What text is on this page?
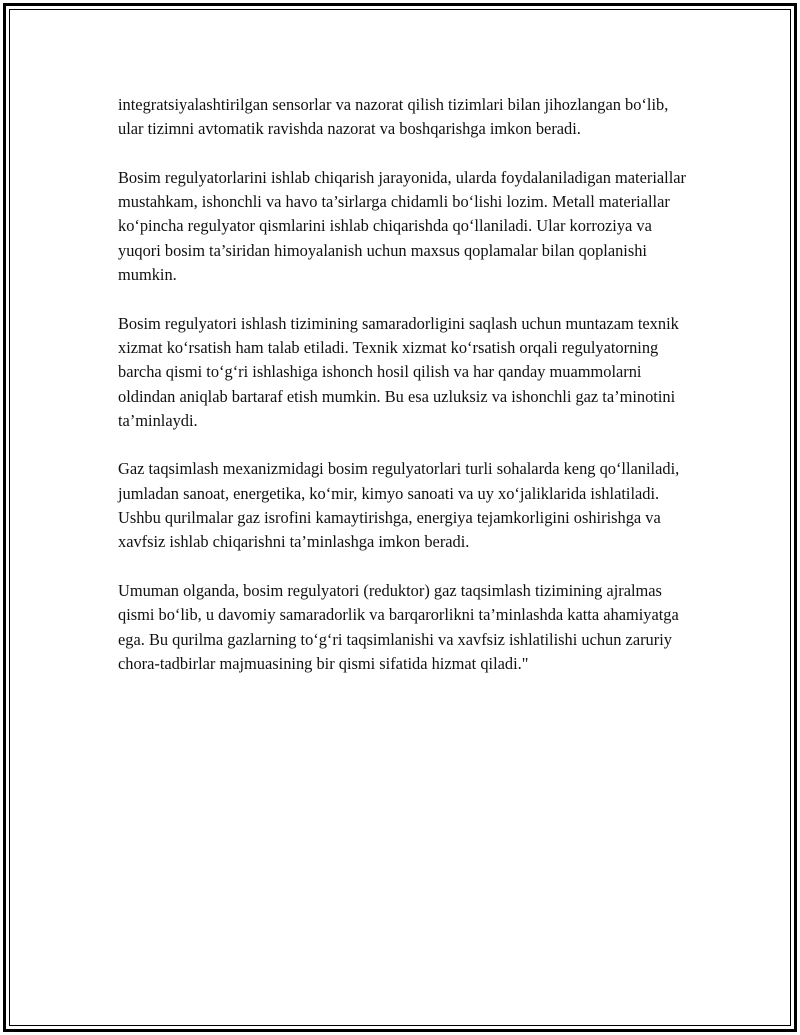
integratsiyalashtirilgan sensorlar va nazorat qilish tizimlari bilan jihozlangan bo‘lib, ular tizimni avtomatik ravishda nazorat va boshqarishga imkon beradi.

Bosim regulyatorlarini ishlab chiqarish jarayonida, ularda foydalaniladigan materiallar mustahkam, ishonchli va havo ta’sirlarga chidamli bo‘lishi lozim. Metall materiallar ko‘pincha regulyator qismlarini ishlab chiqarishda qo‘llaniladi. Ular korroziya va yuqori bosim ta’siridan himoyalanish uchun maxsus qoplamalar bilan qoplanishi mumkin.

Bosim regulyatori ishlash tizimining samaradorligini saqlash uchun muntazam texnik xizmat ko‘rsatish ham talab etiladi. Texnik xizmat ko‘rsatish orqali regulyatorning barcha qismi to‘g‘ri ishlashiga ishonch hosil qilish va har qanday muammolarni oldindan aniqlab bartaraf etish mumkin. Bu esa uzluksiz va ishonchli gaz ta’minotini ta’minlaydi.

Gaz taqsimlash mexanizmidagi bosim regulyatorlari turli sohalarda keng qo‘llaniladi, jumladan sanoat, energetika, ko‘mir, kimyo sanoati va uy xo‘jaliklarida ishlatiladi. Ushbu qurilmalar gaz isrofini kamaytirishga, energiya tejamkorligini oshirishga va xavfsiz ishlab chiqarishni ta’minlashga imkon beradi.

Umuman olganda, bosim regulyatori (reduktor) gaz taqsimlash tizimining ajralmas qismi bo‘lib, u davomiy samaradorlik va barqarorlikni ta’minlashda katta ahamiyatga ega. Bu qurilma gazlarning to‘g‘ri taqsimlanishi va xavfsiz ishlatilishi uchun zaruriy chora-tadbirlar majmuasining bir qismi sifatida hizmat qiladi."
